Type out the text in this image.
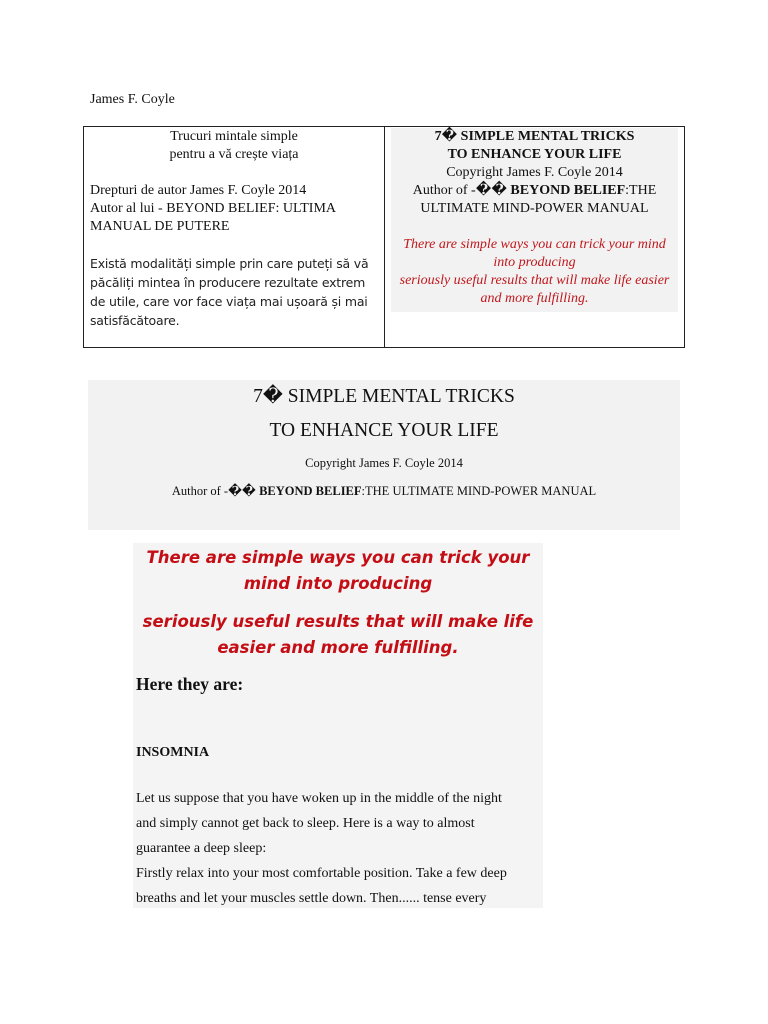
James F. Coyle
Trucuri mintale simple
pentru a vă crește viața
Drepturi de autor James F. Coyle 2014
Autor al lui - BEYOND BELIEF: ULTIMA MANUAL DE PUTERE
Există modalități simple prin care puteți să vă păcăliți mintea în producere rezultate extrem de utile, care vor face viața mai ușoară și mai satisfăcătoare.
7� SIMPLE MENTAL TRICKS
TO ENHANCE YOUR LIFE
Copyright James F. Coyle 2014
Author of -�� BEYOND BELIEF:THE ULTIMATE MIND-POWER MANUAL
There are simple ways you can trick your mind into producing
seriously useful results that will make life easier and more fulfilling.
7� SIMPLE MENTAL TRICKS
TO ENHANCE YOUR LIFE
Copyright James F. Coyle 2014
Author of -�� BEYOND BELIEF:THE ULTIMATE MIND-POWER MANUAL
There are simple ways you can trick your
mind into producing
seriously useful results that will make life
easier and more fulfilling.
Here they are:
INSOMNIA
Let us suppose that you have woken up in the middle of the night
and simply cannot get back to sleep. Here is a way to almost
guarantee a deep sleep:
Firstly relax into your most comfortable position. Take a few deep
breaths and let your muscles settle down. Then...... tense every
